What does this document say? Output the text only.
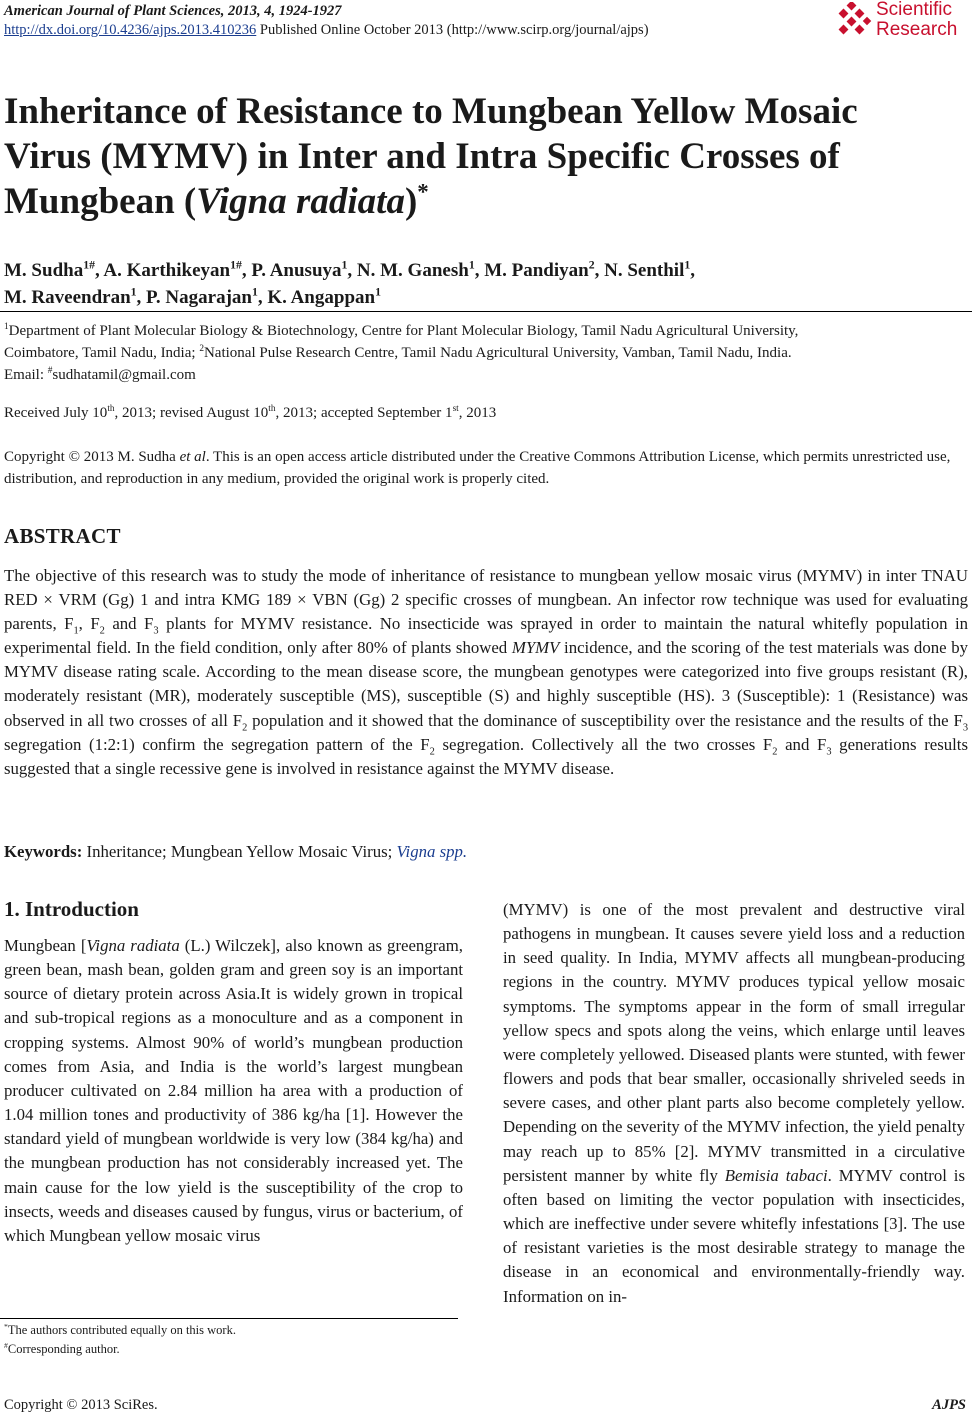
American Journal of Plant Sciences, 2013, 4, 1924-1927
http://dx.doi.org/10.4236/ajps.2013.410236 Published Online October 2013 (http://www.scirp.org/journal/ajps)
Scientific
Research
Inheritance of Resistance to Mungbean Yellow Mosaic
Virus (MYMV) in Inter and Intra Specific Crosses of
Mungbean (Vigna radiata)*
M. Sudha$^{1\#}$, A. Karthikeyan$^{1\#}$, P. Anusuya$^1$, N. M. Ganesh$^1$, M. Pandiyan$^2$, N. Senthil$^1$,
M. Raveendran$^1$, P. Nagarajan$^1$, K. Angappan$^1$
$^1$Department of Plant Molecular Biology & Biotechnology, Centre for Plant Molecular Biology, Tamil Nadu Agricultural University,
Coimbatore, Tamil Nadu, India; $^2$National Pulse Research Centre, Tamil Nadu Agricultural University, Vamban, Tamil Nadu, India.
Email: #sudhatamil@gmail.com
Received July 10th, 2013; revised August 10th, 2013; accepted September 1st, 2013
Copyright © 2013 M. Sudha et al. This is an open access article distributed under the Creative Commons Attribution License, which permits unrestricted use, distribution, and reproduction in any medium, provided the original work is properly cited.
ABSTRACT
The objective of this research was to study the mode of inheritance of resistance to mungbean yellow mosaic virus (MYMV) in inter TNAU RED × VRM (Gg) 1 and intra KMG 189 × VBN (Gg) 2 specific crosses of mungbean. An infector row technique was used for evaluating parents, $F_1$, $F_2$ and $F_3$ plants for MYMV resistance. No insecticide was sprayed in order to maintain the natural whitefly population in experimental field. In the field condition, only after 80% of plants showed MYMV incidence, and the scoring of the test materials was done by MYMV disease rating scale. According to the mean disease score, the mungbean genotypes were categorized into five groups resistant (R), moderately resistant (MR), moderately susceptible (MS), susceptible (S) and highly susceptible (HS). 3 (Susceptible): 1 (Resistance) was observed in all two crosses of all $F_2$ population and it showed that the dominance of susceptibility over the resistance and the results of the $F_3$ segregation (1:2:1) confirm the segregation pattern of the $F_2$ segregation. Collectively all the two crosses $F_2$ and $F_3$ generations results suggested that a single recessive gene is involved in resistance against the MYMV disease.
Keywords: Inheritance; Mungbean Yellow Mosaic Virus; Vigna spp.
1. Introduction

Mungbean [Vigna radiata (L.) Wilczek], also known as greengram, green bean, mash bean, golden gram and green soy is an important source of dietary protein across Asia.It is widely grown in tropical and sub-tropical regions as a monoculture and as a component in cropping systems. Almost 90% of world’s mungbean production comes from Asia, and India is the world’s largest mungbean producer cultivated on 2.84 million ha area with a production of 1.04 million tones and productivity of 386 kg/ha [1]. However the standard yield of mungbean worldwide is very low (384 kg/ha) and the mungbean production has not considerably increased yet. The main cause for the low yield is the susceptibility of the crop to insects, weeds and diseases caused by fungus, virus or bacterium, of which Mungbean yellow mosaic virus

(MYMV) is one of the most prevalent and destructive viral pathogens in mungbean. It causes severe yield loss and a reduction in seed quality. In India, MYMV affects all mungbean-producing regions in the country. MYMV produces typical yellow mosaic symptoms. The symptoms appear in the form of small irregular yellow specs and spots along the veins, which enlarge until leaves were completely yellowed. Diseased plants were stunted, with fewer flowers and pods that bear smaller, occasionally shriveled seeds in severe cases, and other plant parts also become completely yellow. Depending on the severity of the MYMV infection, the yield penalty may reach up to 85% [2]. MYMV transmitted in a circulative persistent manner by white fly Bemisia tabaci. MYMV control is often based on limiting the vector population with insecticides, which are ineffective under severe whitefly infestations [3]. The use of resistant varieties is the most desirable strategy to manage the disease in an economical and environmentally-friendly way. Information on in-

*The authors contributed equally on this work.
#Corresponding author.
Copyright © 2013 SciRes.	AJPS
